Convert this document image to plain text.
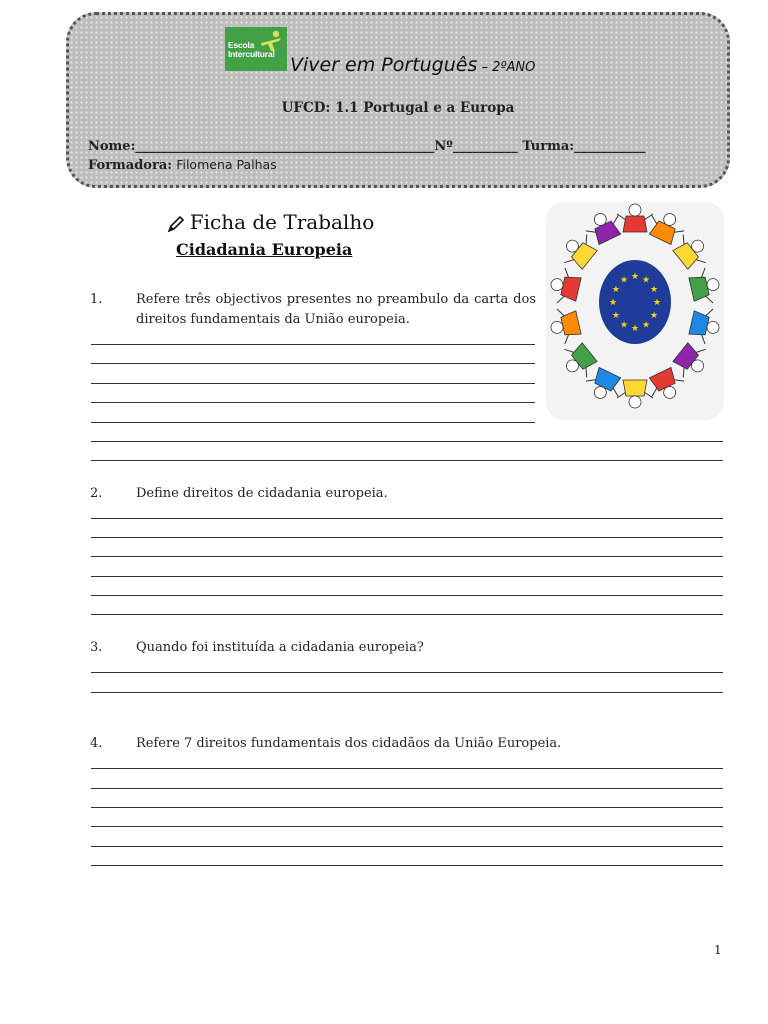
Escola
Intercultural Viver em Português – 2ºANO
UFCD: 1.1 Portugal e a Europa
Nome:______________________________________________Nº__________ Turma:___________
Formadora: Filomena Palhas
Ficha de Trabalho
Cidadania Europeia
★
★
★
★
★
★
★
★
★ ★ ★
★
1.	Refere três objectivos presentes no preambulo da carta dos direitos fundamentais da União europeia.
2.	Define direitos de cidadania europeia.
3.	Quando foi instituída a cidadania europeia?
4.	Refere 7 direitos fundamentais dos cidadãos da União Europeia.
1
